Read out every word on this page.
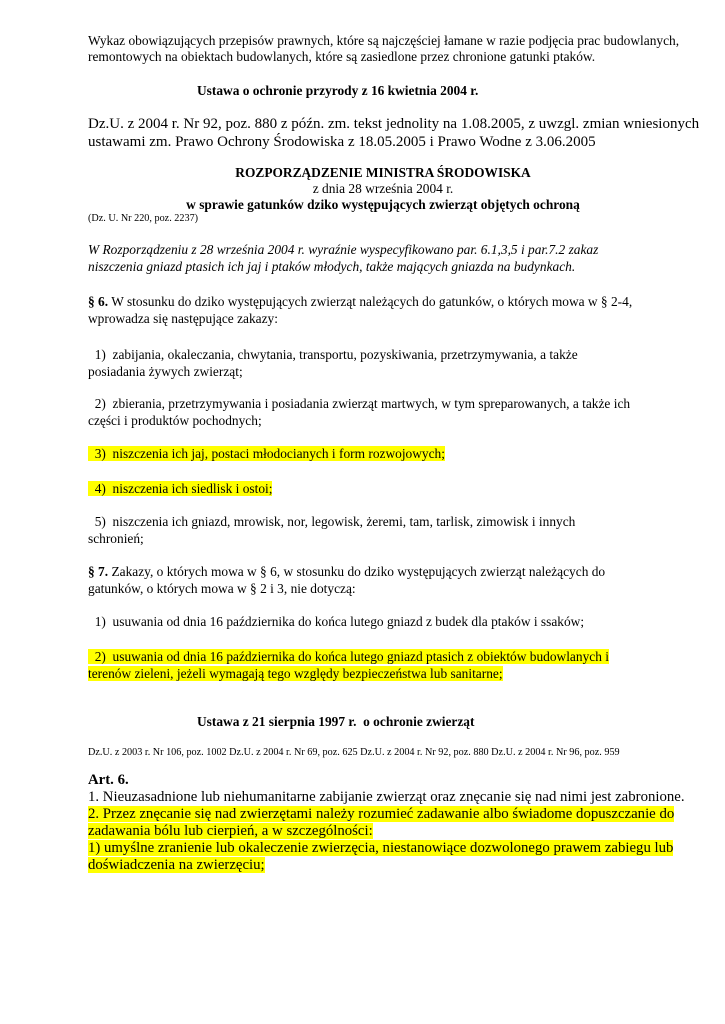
Wykaz obowiązujących przepisów prawnych, które są najczęściej łamane w razie podjęcia prac budowlanych,
remontowych na obiektach budowlanych, które są zasiedlone przez chronione gatunki ptaków.
Ustawa o ochronie przyrody z 16 kwietnia 2004 r.
Dz.U. z 2004 r. Nr 92, poz. 880 z późn. zm. tekst jednolity na 1.08.2005, z uwzgl. zmian wniesionych
ustawami zm. Prawo Ochrony Środowiska z 18.05.2005 i Prawo Wodne z 3.06.2005
ROZPORZĄDZENIE MINISTRA ŚRODOWISKA
z dnia 28 września 2004 r.
w sprawie gatunków dziko występujących zwierząt objętych ochroną
(Dz. U. Nr 220, poz. 2237)
W Rozporządzeniu z 28 września 2004 r. wyraźnie wyspecyfikowano par. 6.1,3,5 i par.7.2 zakaz
niszczenia gniazd ptasich ich jaj i ptaków młodych, także mających gniazda na budynkach.
§ 6. W stosunku do dziko występujących zwierząt należących do gatunków, o których mowa w § 2-4,
wprowadza się następujące zakazy:
1)  zabijania, okaleczania, chwytania, transportu, pozyskiwania, przetrzymywania, a także
posiadania żywych zwierząt;
2)  zbierania, przetrzymywania i posiadania zwierząt martwych, w tym spreparowanych, a także ich
części i produktów pochodnych;
3)  niszczenia ich jaj, postaci młodocianych i form rozwojowych;
4)  niszczenia ich siedlisk i ostoi;
5)  niszczenia ich gniazd, mrowisk, nor, legowisk, żeremi, tam, tarlisk, zimowisk i innych
schronień;
§ 7. Zakazy, o których mowa w § 6, w stosunku do dziko występujących zwierząt należących do
gatunków, o których mowa w § 2 i 3, nie dotyczą:
1)  usuwania od dnia 16 października do końca lutego gniazd z budek dla ptaków i ssaków;
2)  usuwania od dnia 16 października do końca lutego gniazd ptasich z obiektów budowlanych i
terenów zieleni, jeżeli wymagają tego względy bezpieczeństwa lub sanitarne;
Ustawa z 21 sierpnia 1997 r.  o ochronie zwierząt
Dz.U. z 2003 r. Nr 106, poz. 1002 Dz.U. z 2004 r. Nr 69, poz. 625 Dz.U. z 2004 r. Nr 92, poz. 880 Dz.U. z 2004 r. Nr 96, poz. 959
Art. 6.
1. Nieuzasadnione lub niehumanitarne zabijanie zwierząt oraz znęcanie się nad nimi jest zabronione.
2. Przez znęcanie się nad zwierzętami należy rozumieć zadawanie albo świadome dopuszczanie do
zadawania bólu lub cierpień, a w szczególności:
1) umyślne zranienie lub okaleczenie zwierzęcia, niestanowiące dozwolonego prawem zabiegu lub
doświadczenia na zwierzęciu;
